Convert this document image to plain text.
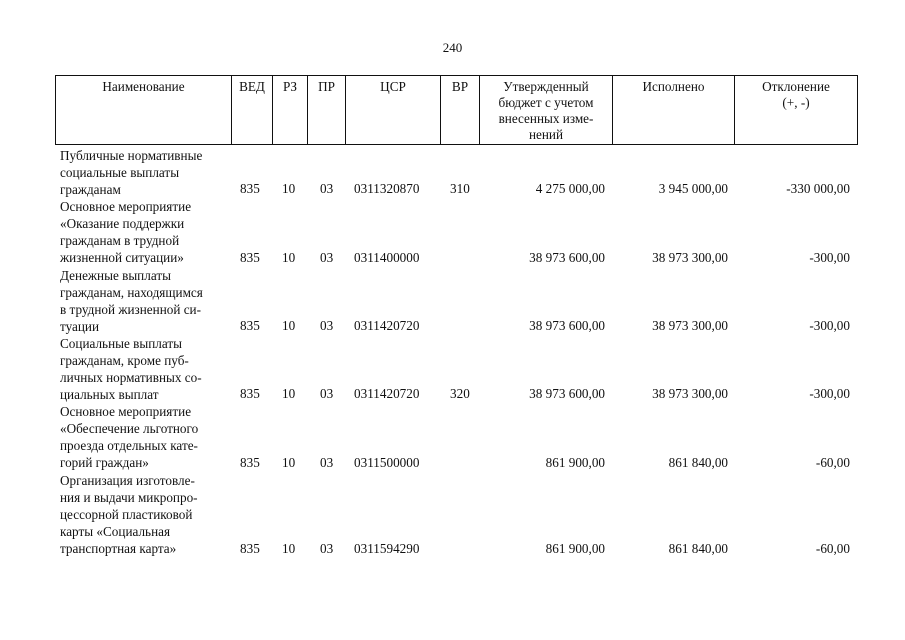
240
Наименование	ВЕД	РЗ	ПР	ЦСР	ВР	Утвержденный
бюджет с учетом
внесенных изме-
нений
Исполнено	Отклонение
(+, -)
Публичные нормативные
социальные выплаты
гражданам	835 10 03 0311320870 310	4 275 000,00	3 945 000,00	-330 000,00
Основное мероприятие
«Оказание поддержки
гражданам в трудной
жизненной ситуации»	835 10 03 0311400000	38 973 600,00	38 973 300,00	-300,00
Денежные выплаты
гражданам, находящимся
в трудной жизненной си-
туации	835 10 03 0311420720	38 973 600,00	38 973 300,00	-300,00
Социальные выплаты
гражданам, кроме пуб-
личных нормативных со-
циальных выплат	835 10 03 0311420720 320	38 973 600,00	38 973 300,00	-300,00
Основное мероприятие
«Обеспечение льготного
проезда отдельных кате-
горий граждан»	835 10 03 0311500000	861 900,00	861 840,00	-60,00
Организация изготовле-
ния и выдачи микропро-
цессорной пластиковой
карты «Социальная
транспортная карта»	835 10 03 0311594290	861 900,00	861 840,00	-60,00
